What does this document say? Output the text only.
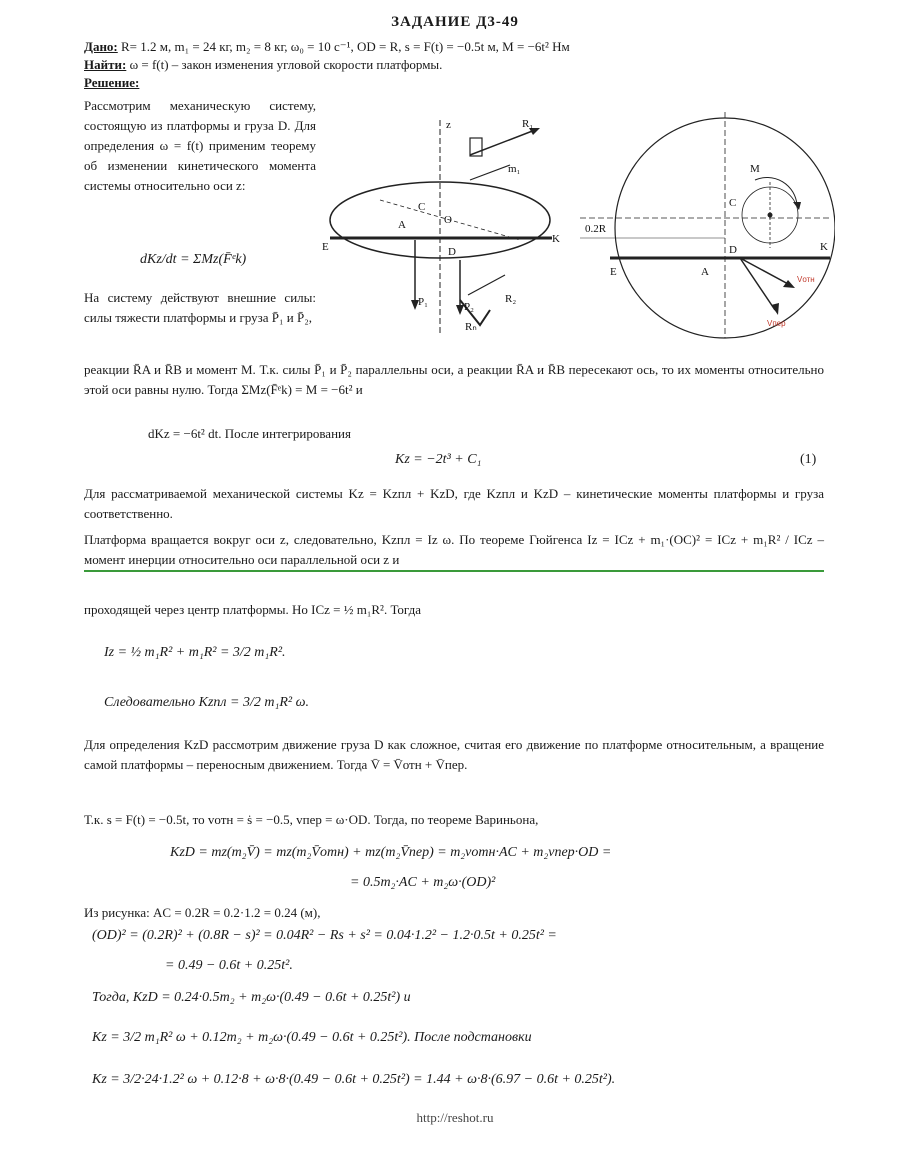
ЗАДАНИЕ Д3-49
Дано: R= 1.2 м, m₁ = 24 кг, m₂ = 8 кг, ω₀ = 10 с⁻¹, OD = R, s = F(t) = −0.5t м, M = −6t² Нм
Найти: ω = f(t) – закон изменения угловой скорости платформы.
Решение:
Рассмотрим механическую систему, состоящую из платформы и груза D. Для определения ω = f(t) применим теорему об изменении кинетического момента системы относительно оси z:
dKz/dt = ΣMz(F̄ᵉk)
На систему действуют внешние силы: силы тяжести платформы и груза P̄₁ и P̄₂,
R₁
R₂
m₁
E
K
A
C
D
O
P₁	P₂
Rₙ
z
M
C
D
0.2R
E	A
K
Vотн
Vпер
реакции R̄A и R̄B и момент M. Т.к. силы P̄₁ и P̄₂ параллельны оси, а реакции R̄A и R̄B пересекают ось, то их моменты относительно этой оси равны нулю. Тогда ΣMz(F̄ᵉk) = M = −6t² и
dKz = −6t² dt. После интегрирования
Kz = −2t³ + C₁	(1)
Для рассматриваемой механической системы Kz = Kzпл + KzD, где Kzпл и KzD – кинетические моменты платформы и груза соответственно.
Платформа вращается вокруг оси z, следовательно, Kzпл = Iz ω. По теореме Гюйгенса Iz = ICz + m₁·(OC)² = ICz + m₁R² / ICz – момент инерции относительно оси параллельной оси z и
проходящей через центр платформы. Но ICz = ½ m₁R². Тогда
Iz = ½ m₁R² + m₁R² = 3/2 m₁R².
Следовательно Kzпл = 3/2 m₁R² ω.
Для определения KzD рассмотрим движение груза D как сложное, считая его движение по платформе относительным, а вращение самой платформы – переносным движением. Тогда V̄ = V̄отн + V̄пер.
Т.к. s = F(t) = −0.5t, то vотн = ṡ = −0.5, vпер = ω·OD. Тогда, по теореме Вариньона,
KzD = mz(m₂V̄) = mz(m₂V̄отн) + mz(m₂V̄пер) = m₂vотн·AC + m₂vпер·OD =
= 0.5m₂·AC + m₂ω·(OD)²
Из рисунка: AC = 0.2R = 0.2·1.2 = 0.24 (м),
(OD)² = (0.2R)² + (0.8R − s)² = 0.04R² − Rs + s² = 0.04·1.2² − 1.2·0.5t + 0.25t² =
= 0.49 − 0.6t + 0.25t².
Тогда, KzD = 0.24·0.5m₂ + m₂ω·(0.49 − 0.6t + 0.25t²) и
Kz = 3/2 m₁R² ω + 0.12m₂ + m₂ω·(0.49 − 0.6t + 0.25t²). После подстановки
Kz = 3/2·24·1.2² ω + 0.12·8 + ω·8·(0.49 − 0.6t + 0.25t²) = 1.44 + ω·8·(6.97 − 0.6t + 0.25t²).
http://reshot.ru
